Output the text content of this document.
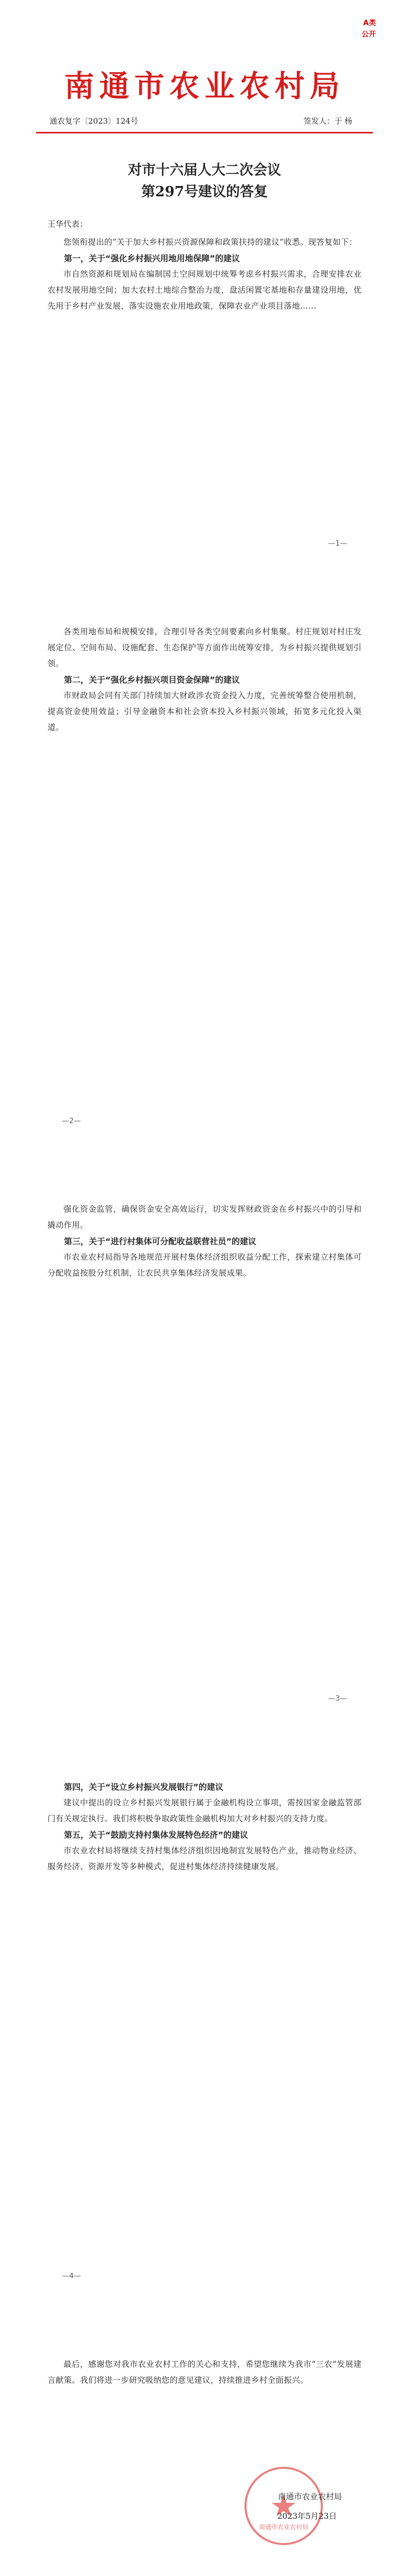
A类
公开
南通市农业农村局
通农复字〔2023〕124号	签发人：于 杨
对市十六届人大二次会议
第297号建议的答复

王华代表：

您领衔提出的“关于加大乡村振兴资源保障和政策扶持的建议”收悉。现答复如下：

第一，关于“强化乡村振兴用地用地保障”的建议

市自然资源和规划局在编制国土空间规划中统筹考虑乡村振兴需求，合理安排农业农村发展用地空间；加大农村土地综合整治力度，盘活闲置宅基地和存量建设用地，优先用于乡村产业发展，落实设施农业用地政策，保障农业产业项目落地……

—1—

各类用地布局和规模安排，合理引导各类空间要素向乡村集聚。村庄规划对村庄发展定位、空间布局、设施配套、生态保护等方面作出统筹安排，为乡村振兴提供规划引领。

第二，关于“强化乡村振兴项目资金保障”的建议

市财政局会同有关部门持续加大财政涉农资金投入力度，完善统筹整合使用机制，提高资金使用效益；引导金融资本和社会资本投入乡村振兴领域，拓宽多元化投入渠道。

—2—

强化资金监管，确保资金安全高效运行，切实发挥财政资金在乡村振兴中的引导和撬动作用。

第三，关于“进行村集体可分配收益联营社员”的建议

市农业农村局指导各地规范开展村集体经济组织收益分配工作，探索建立村集体可分配收益按股分红机制，让农民共享集体经济发展成果。

—3—

第四，关于“设立乡村振兴发展银行”的建议

建议中提出的设立乡村振兴发展银行属于金融机构设立事项，需按国家金融监管部门有关规定执行。我们将积极争取政策性金融机构加大对乡村振兴的支持力度。

第五，关于“鼓励支持村集体发展特色经济”的建议

市农业农村局将继续支持村集体经济组织因地制宜发展特色产业，推动物业经济、服务经济、资源开发等多种模式，促进村集体经济持续健康发展。

—4—

最后，感谢您对我市农业农村工作的关心和支持，希望您继续为我市“三农”发展建言献策。我们将进一步研究吸纳您的意见建议，持续推进乡村全面振兴。

南通市农业农村局
南通市农业农村局
2023年5月23日
